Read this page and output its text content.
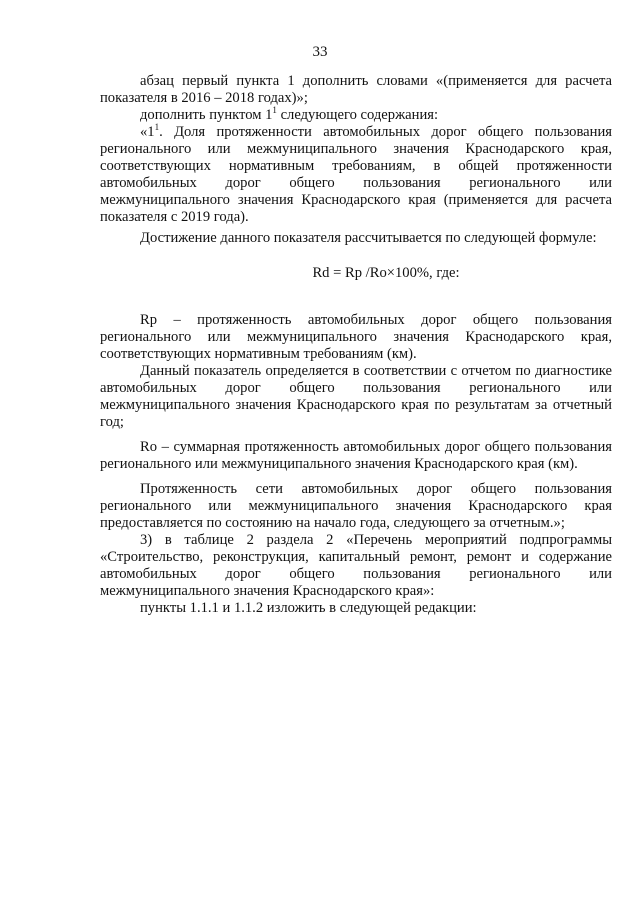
33

абзац первый пункта 1 дополнить словами «(применяется для расчета показателя в 2016 – 2018 годах)»;

дополнить пунктом $1^1$ следующего содержания:

«$1^1$. Доля протяженности автомобильных дорог общего пользования регионального или межмуниципального значения Краснодарского края, соответствующих нормативным требованиям, в общей протяженности автомобильных дорог общего пользования регионального или межмуниципального значения Краснодарского края (применяется для расчета показателя с 2019 года).

Достижение данного показателя рассчитывается по следующей формуле:

Rd = Rp /Ro×100%, где:

Rp – протяженность автомобильных дорог общего пользования регионального или межмуниципального значения Краснодарского края, соответствующих нормативным требованиям (км).

Данный показатель определяется в соответствии с отчетом по диагностике автомобильных дорог общего пользования регионального или межмуниципального значения Краснодарского края по результатам за отчетный год;

Ro – суммарная протяженность автомобильных дорог общего пользования регионального или межмуниципального значения Краснодарского края (км).

Протяженность сети автомобильных дорог общего пользования регионального или межмуниципального значения Краснодарского края предоставляется по состоянию на начало года, следующего за отчетным.»;

3) в таблице 2 раздела 2 «Перечень мероприятий подпрограммы «Строительство, реконструкция, капитальный ремонт, ремонт и содержание автомобильных дорог общего пользования регионального или межмуниципального значения Краснодарского края»:

пункты 1.1.1 и 1.1.2 изложить в следующей редакции:
